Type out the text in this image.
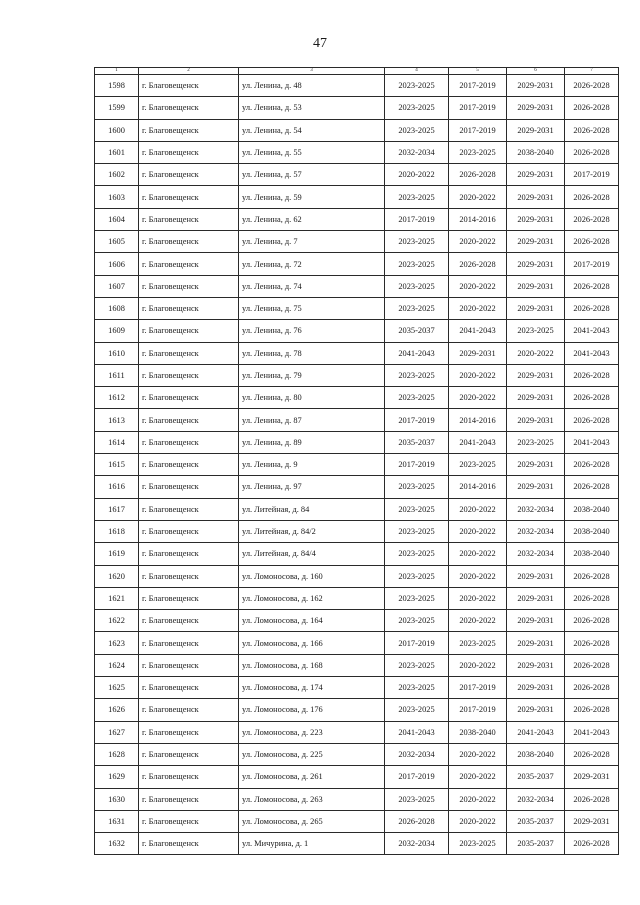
47
1	2	3	4	5	6	7
1598	г. Благовещенск	ул. Ленина, д. 48	2023-2025	2017-2019	2029-2031	2026-2028
1599	г. Благовещенск	ул. Ленина, д. 53	2023-2025	2017-2019	2029-2031	2026-2028
1600	г. Благовещенск	ул. Ленина, д. 54	2023-2025	2017-2019	2029-2031	2026-2028
1601	г. Благовещенск	ул. Ленина, д. 55	2032-2034	2023-2025	2038-2040	2026-2028
1602	г. Благовещенск	ул. Ленина, д. 57	2020-2022	2026-2028	2029-2031	2017-2019
1603	г. Благовещенск	ул. Ленина, д. 59	2023-2025	2020-2022	2029-2031	2026-2028
1604	г. Благовещенск	ул. Ленина, д. 62	2017-2019	2014-2016	2029-2031	2026-2028
1605	г. Благовещенск	ул. Ленина, д. 7	2023-2025	2020-2022	2029-2031	2026-2028
1606	г. Благовещенск	ул. Ленина, д. 72	2023-2025	2026-2028	2029-2031	2017-2019
1607	г. Благовещенск	ул. Ленина, д. 74	2023-2025	2020-2022	2029-2031	2026-2028
1608	г. Благовещенск	ул. Ленина, д. 75	2023-2025	2020-2022	2029-2031	2026-2028
1609	г. Благовещенск	ул. Ленина, д. 76	2035-2037	2041-2043	2023-2025	2041-2043
1610	г. Благовещенск	ул. Ленина, д. 78	2041-2043	2029-2031	2020-2022	2041-2043
1611	г. Благовещенск	ул. Ленина, д. 79	2023-2025	2020-2022	2029-2031	2026-2028
1612	г. Благовещенск	ул. Ленина, д. 80	2023-2025	2020-2022	2029-2031	2026-2028
1613	г. Благовещенск	ул. Ленина, д. 87	2017-2019	2014-2016	2029-2031	2026-2028
1614	г. Благовещенск	ул. Ленина, д. 89	2035-2037	2041-2043	2023-2025	2041-2043
1615	г. Благовещенск	ул. Ленина, д. 9	2017-2019	2023-2025	2029-2031	2026-2028
1616	г. Благовещенск	ул. Ленина, д. 97	2023-2025	2014-2016	2029-2031	2026-2028
1617	г. Благовещенск	ул. Литейная, д. 84	2023-2025	2020-2022	2032-2034	2038-2040
1618	г. Благовещенск	ул. Литейная, д. 84/2	2023-2025	2020-2022	2032-2034	2038-2040
1619	г. Благовещенск	ул. Литейная, д. 84/4	2023-2025	2020-2022	2032-2034	2038-2040
1620	г. Благовещенск	ул. Ломоносова, д. 160	2023-2025	2020-2022	2029-2031	2026-2028
1621	г. Благовещенск	ул. Ломоносова, д. 162	2023-2025	2020-2022	2029-2031	2026-2028
1622	г. Благовещенск	ул. Ломоносова, д. 164	2023-2025	2020-2022	2029-2031	2026-2028
1623	г. Благовещенск	ул. Ломоносова, д. 166	2017-2019	2023-2025	2029-2031	2026-2028
1624	г. Благовещенск	ул. Ломоносова, д. 168	2023-2025	2020-2022	2029-2031	2026-2028
1625	г. Благовещенск	ул. Ломоносова, д. 174	2023-2025	2017-2019	2029-2031	2026-2028
1626	г. Благовещенск	ул. Ломоносова, д. 176	2023-2025	2017-2019	2029-2031	2026-2028
1627	г. Благовещенск	ул. Ломоносова, д. 223	2041-2043	2038-2040	2041-2043	2041-2043
1628	г. Благовещенск	ул. Ломоносова, д. 225	2032-2034	2020-2022	2038-2040	2026-2028
1629	г. Благовещенск	ул. Ломоносова, д. 261	2017-2019	2020-2022	2035-2037	2029-2031
1630	г. Благовещенск	ул. Ломоносова, д. 263	2023-2025	2020-2022	2032-2034	2026-2028
1631	г. Благовещенск	ул. Ломоносова, д. 265	2026-2028	2020-2022	2035-2037	2029-2031
1632	г. Благовещенск	ул. Мичурина, д. 1	2032-2034	2023-2025	2035-2037	2026-2028
